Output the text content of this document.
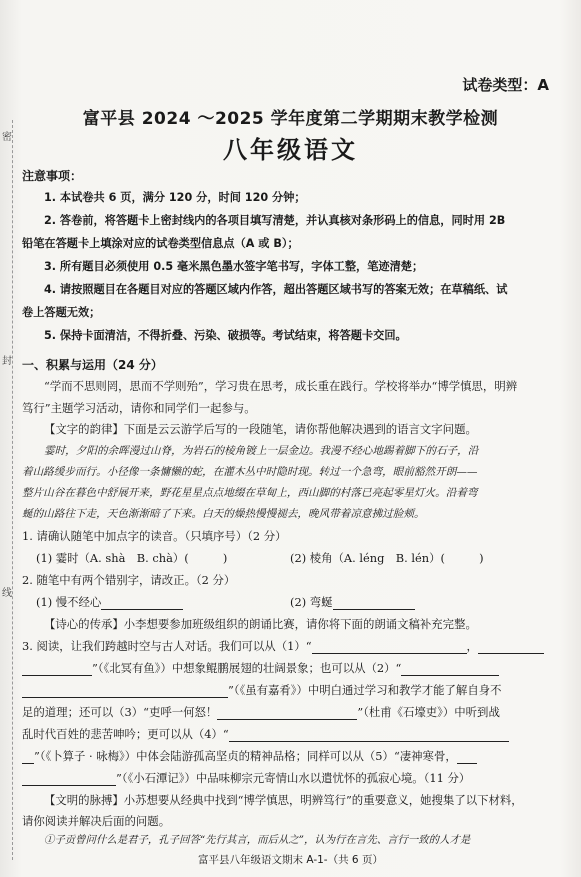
密
封
线
试卷类型：A
富平县 2024 ～2025 学年度第二学期期末教学检测
八年级语文
注意事项：
1. 本试卷共 6 页，满分 120 分，时间 120 分钟；
2. 答卷前，将答题卡上密封线内的各项目填写清楚，并认真核对条形码上的信息，同时用 2B
铅笔在答题卡上填涂对应的试卷类型信息点（A 或 B）；
3. 所有题目必须使用 0.5 毫米黑色墨水签字笔书写，字体工整，笔迹清楚；
4. 请按照题目在各题目对应的答题区域内作答，超出答题区域书写的答案无效；在草稿纸、试
卷上答题无效；
5. 保持卡面清洁，不得折叠、污染、破损等。考试结束，将答题卡交回。
一、积累与运用（24 分）
“学而不思则罔，思而不学则殆”，学习贵在思考，成长重在践行。学校将举办“博学慎思，明辨
笃行”主题学习活动，请你和同学们一起参与。
【文字的韵律】下面是云云游学后写的一段随笔，请你帮他解决遇到的语言文字问题。
霎时，夕阳的余晖漫过山脊，为岩石的棱角镀上一层金边。我漫不经心地踢着脚下的石子，沿
着山路缓步而行。小径像一条慵懒的蛇，在灌木丛中时隐时现。转过一个急弯，眼前豁然开朗——
整片山谷在暮色中舒展开来，野花星星点点地缀在草甸上，西山脚的村落已亮起零星灯火。沿着弯
蜒的山路往下走，天色渐渐暗了下来。白天的燥热慢慢褪去，晚风带着凉意拂过脸颊。
1. 请确认随笔中加点字的读音。（只填序号）（2 分）
(1) 霎时（A. shà　B. chà）(　　　)	(2) 棱角（A. léng　B. lén）(　　　)
2. 随笔中有两个错别字，请改正。（2 分）
(1) 慢不经心	(2) 弯蜒
【诗心的传承】小李想要参加班级组织的朗诵比赛，请你将下面的朗诵文稿补充完整。
3. 阅读，让我们跨越时空与古人对话。我们可以从（1）“	，
”（《北冥有鱼》）中想象鲲鹏展翅的壮阔景象；也可以从（2）“
”（《虽有嘉肴》）中明白通过学习和教学才能了解自身不
足的道理；还可以（3）“吏呼一何怒！	”（杜甫《石壕吏》）中听到战
乱时代百姓的悲苦呻吟；更可以从（4）“
”（《卜算子 · 咏梅》）中体会陆游孤高坚贞的精神品格；同样可以从（5）“凄神寒骨，
”（《小石潭记》）中品味柳宗元寄情山水以遣忧怀的孤寂心境。（11 分）
【文明的脉搏】小苏想要从经典中找到“博学慎思，明辨笃行”的重要意义，她搜集了以下材料，
请你阅读并解决后面的问题。
①子贡曾问什么是君子，孔子回答“先行其言，而后从之”，认为行在言先、言行一致的人才是
富平县八年级语文期末 A-1-（共 6 页）
